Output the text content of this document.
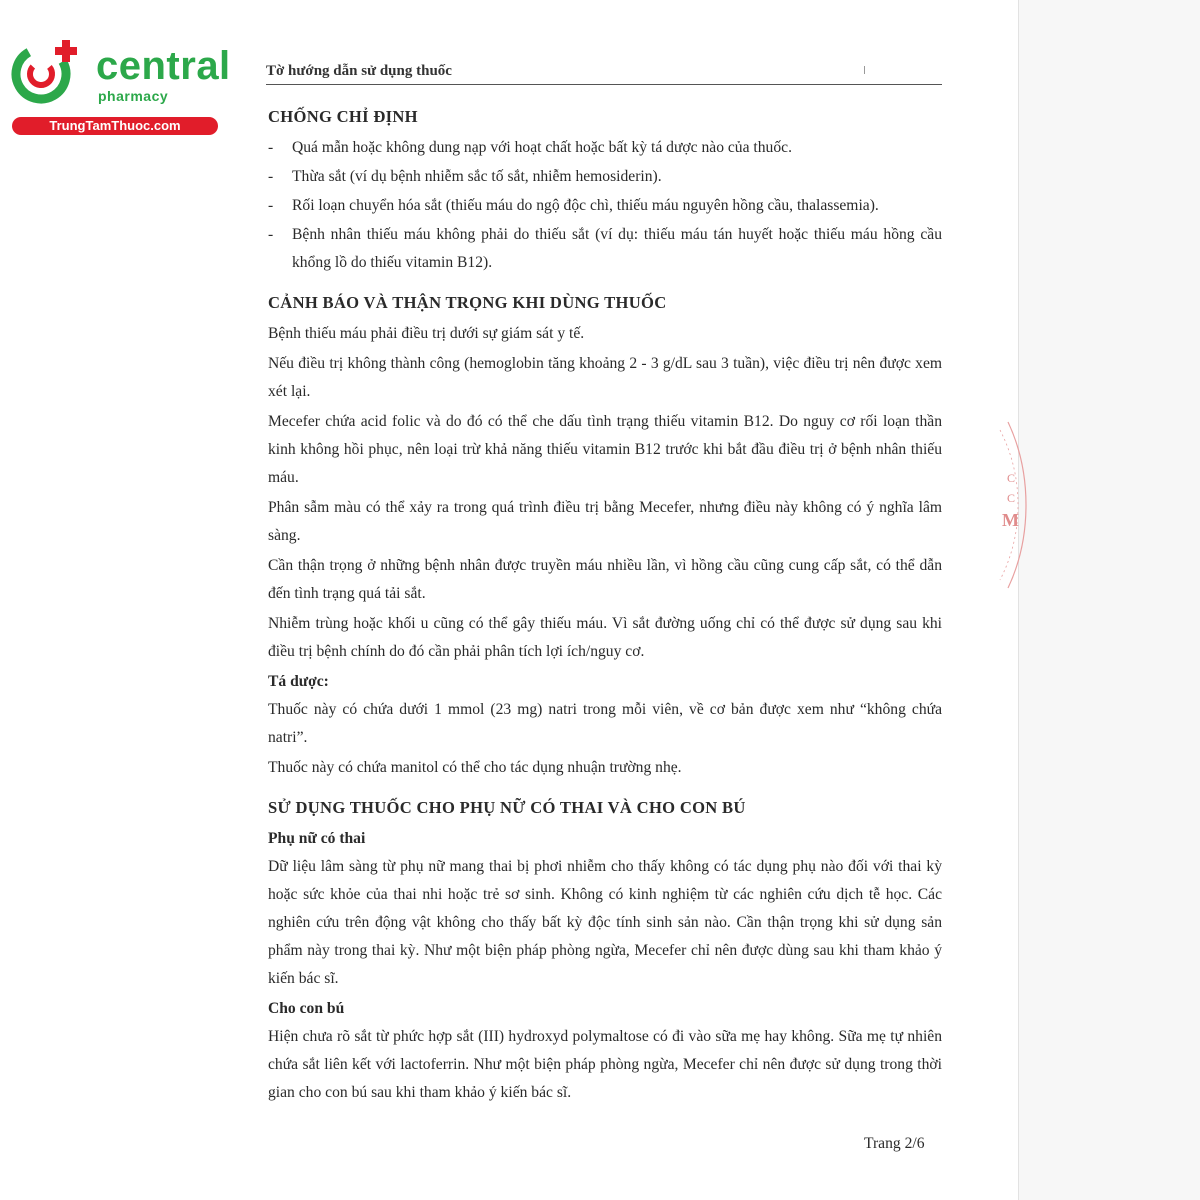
central
pharmacy
TrungTamThuoc.com
Tờ hướng dẫn sử dụng thuốc
CHỐNG CHỈ ĐỊNH
- Quá mẫn hoặc không dung nạp với hoạt chất hoặc bất kỳ tá dược nào của thuốc.
- Thừa sắt (ví dụ bệnh nhiễm sắc tố sắt, nhiễm hemosiderin).
- Rối loạn chuyển hóa sắt (thiếu máu do ngộ độc chì, thiếu máu nguyên hồng cầu, thalassemia).
- Bệnh nhân thiếu máu không phải do thiếu sắt (ví dụ: thiếu máu tán huyết hoặc thiếu máu hồng cầu khổng lồ do thiếu vitamin B12).
CẢNH BÁO VÀ THẬN TRỌNG KHI DÙNG THUỐC

Bệnh thiếu máu phải điều trị dưới sự giám sát y tế.

Nếu điều trị không thành công (hemoglobin tăng khoảng 2 - 3 g/dL sau 3 tuần), việc điều trị nên được xem xét lại.

Mecefer chứa acid folic và do đó có thể che dấu tình trạng thiếu vitamin B12. Do nguy cơ rối loạn thần kinh không hồi phục, nên loại trừ khả năng thiếu vitamin B12 trước khi bắt đầu điều trị ở bệnh nhân thiếu máu.

Phân sẫm màu có thể xảy ra trong quá trình điều trị bằng Mecefer, nhưng điều này không có ý nghĩa lâm sàng.

Cần thận trọng ở những bệnh nhân được truyền máu nhiều lần, vì hồng cầu cũng cung cấp sắt, có thể dẫn đến tình trạng quá tải sắt.

Nhiễm trùng hoặc khối u cũng có thể gây thiếu máu. Vì sắt đường uống chỉ có thể được sử dụng sau khi điều trị bệnh chính do đó cần phải phân tích lợi ích/nguy cơ.

Tá dược:

Thuốc này có chứa dưới 1 mmol (23 mg) natri trong mỗi viên, về cơ bản được xem như “không chứa natri”.

Thuốc này có chứa manitol có thể cho tác dụng nhuận trường nhẹ.

SỬ DỤNG THUỐC CHO PHỤ NỮ CÓ THAI VÀ CHO CON BÚ
Phụ nữ có thai

Dữ liệu lâm sàng từ phụ nữ mang thai bị phơi nhiễm cho thấy không có tác dụng phụ nào đối với thai kỳ hoặc sức khỏe của thai nhi hoặc trẻ sơ sinh. Không có kinh nghiệm từ các nghiên cứu dịch tễ học. Các nghiên cứu trên động vật không cho thấy bất kỳ độc tính sinh sản nào. Cần thận trọng khi sử dụng sản phẩm này trong thai kỳ. Như một biện pháp phòng ngừa, Mecefer chỉ nên được dùng sau khi tham khảo ý kiến bác sĩ.

Cho con bú

Hiện chưa rõ sắt từ phức hợp sắt (III) hydroxyd polymaltose có đi vào sữa mẹ hay không. Sữa mẹ tự nhiên chứa sắt liên kết với lactoferrin. Như một biện pháp phòng ngừa, Mecefer chỉ nên được sử dụng trong thời gian cho con bú sau khi tham khảo ý kiến bác sĩ.

Trang 2/6
C
C
M
